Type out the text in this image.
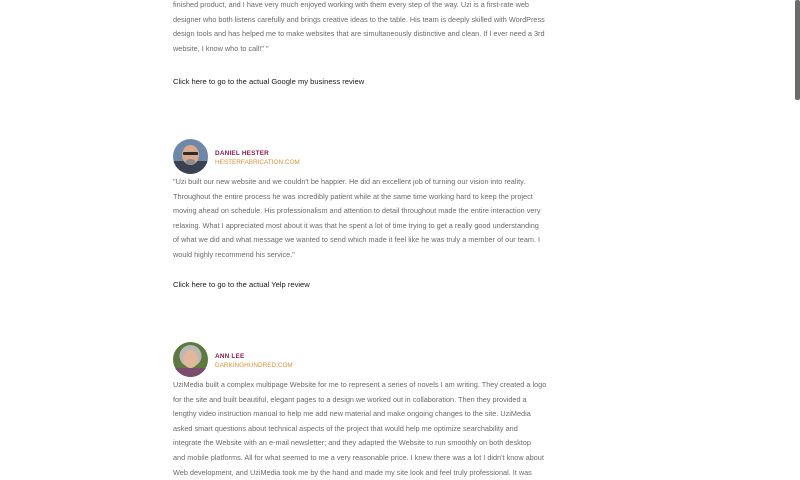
finished product, and I have very much enjoyed working with them every step of the way. Uzi is a first-rate web

designer who both listens carefully and brings creative ideas to the table. His team is deeply skilled with WordPress

design tools and has helped me to make websites that are simultaneously distinctive and clean. If I ever need a 3rd

website, I know who to call!" "

Click here to go to the actual Google my business review
DANIEL HESTER
HESTERFABRICATION.COM

"Uzi built our new website and we couldn't be happier. He did an excellent job of turning our vision into reality.

Throughout the entire process he was incredibly patient while at the same time working hard to keep the project

moving ahead on schedule. His professionalism and attention to detail throughout made the entire interaction very

relaxing. What I appreciated most about it was that he spent a lot of time trying to get a really good understanding

of what we did and what message we wanted to send which made it feel like he was truly a member of our team. I

would highly recommend his service."

Click here to go to the actual Yelp review
ANN LEE
DARKINGHUNDRED.COM

UziMedia built a complex multipage Website for me to represent a series of novels I am writing. They created a logo

for the site and built beautiful, elegant pages to a design we worked out in collaboration. Then they provided a

lengthy video instruction manual to help me add new material and make ongoing changes to the site. UziMedia

asked smart questions about technical aspects of the project that would help me optimize searchability and

integrate the Website with an e-mail newsletter; and they adapted the Website to run smoothly on both desktop

and mobile platforms. All for what seemed to me a very reasonable price. I knew there was a lot I didn't know about

Web development, and UziMedia took me by the hand and made my site look and feel truly professional. It was
